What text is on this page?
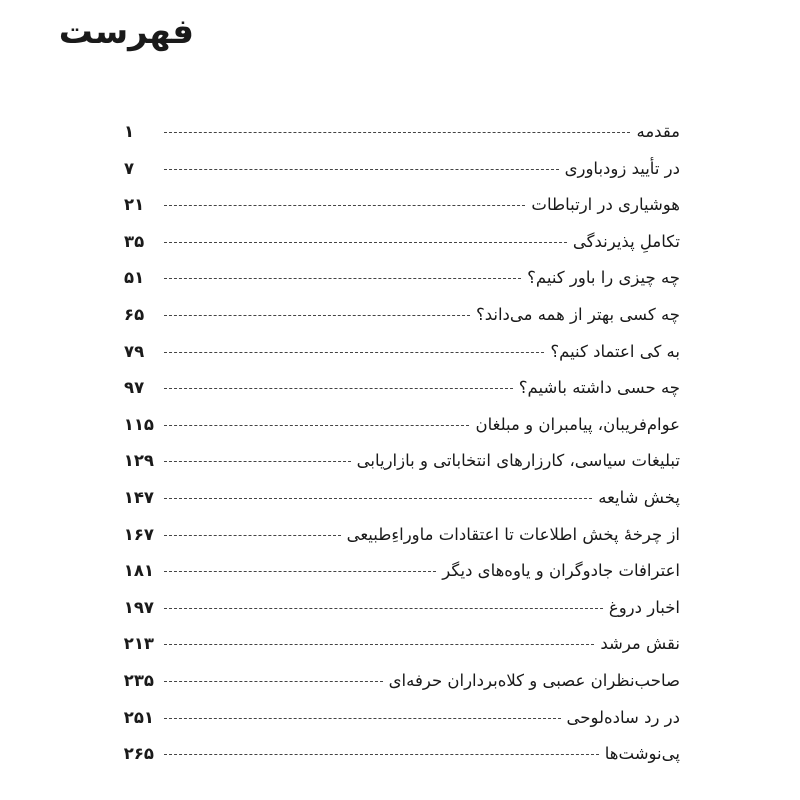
فهرست
مقدمه
۱
در تأیید زودباوری
۷
هوشیاری در ارتباطات
۲۱
تکاملِ پذیرندگی
۳۵
چه چیزی را باور کنیم؟
۵۱
چه کسی بهتر از همه می‌داند؟
۶۵
به کی اعتماد کنیم؟
۷۹
چه حسی داشته باشیم؟
۹۷
عوام‌فریبان، پیامبران و مبلغان
۱۱۵
تبلیغات سیاسی، کارزارهای انتخاباتی و بازاریابی
۱۲۹
پخش شایعه
۱۴۷
از چرخهٔ پخش اطلاعات تا اعتقادات ماوراءِطبیعی
۱۶۷
اعترافات جادوگران و یاوه‌های دیگر
۱۸۱
اخبار دروغ
۱۹۷
نقش مرشد
۲۱۳
صاحب‌نظران عصبی و کلاه‌برداران حرفه‌ای
۲۳۵
در رد ساده‌لوحی
۲۵۱
پی‌نوشت‌ها
۲۶۵
